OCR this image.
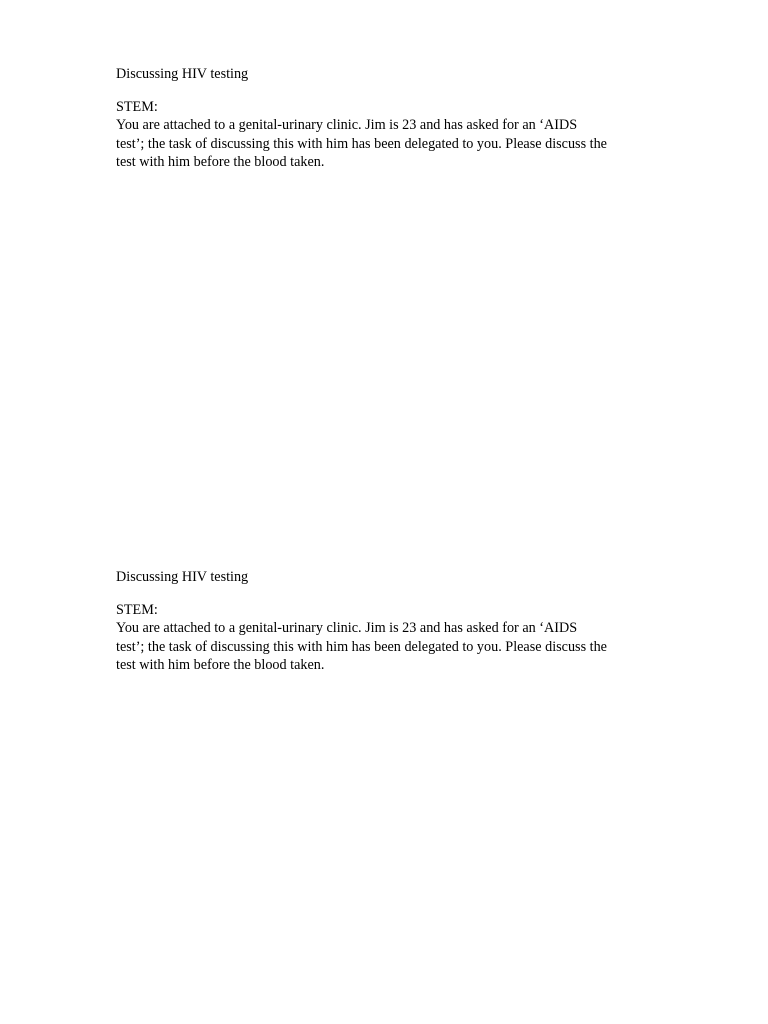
Discussing HIV testing

STEM:

You are attached to a genital-urinary clinic. Jim is 23 and has asked for an ‘AIDS
test’; the task of discussing this with him has been delegated to you. Please discuss the
test with him before the blood taken.

Discussing HIV testing

STEM:

You are attached to a genital-urinary clinic. Jim is 23 and has asked for an ‘AIDS
test’; the task of discussing this with him has been delegated to you. Please discuss the
test with him before the blood taken.
